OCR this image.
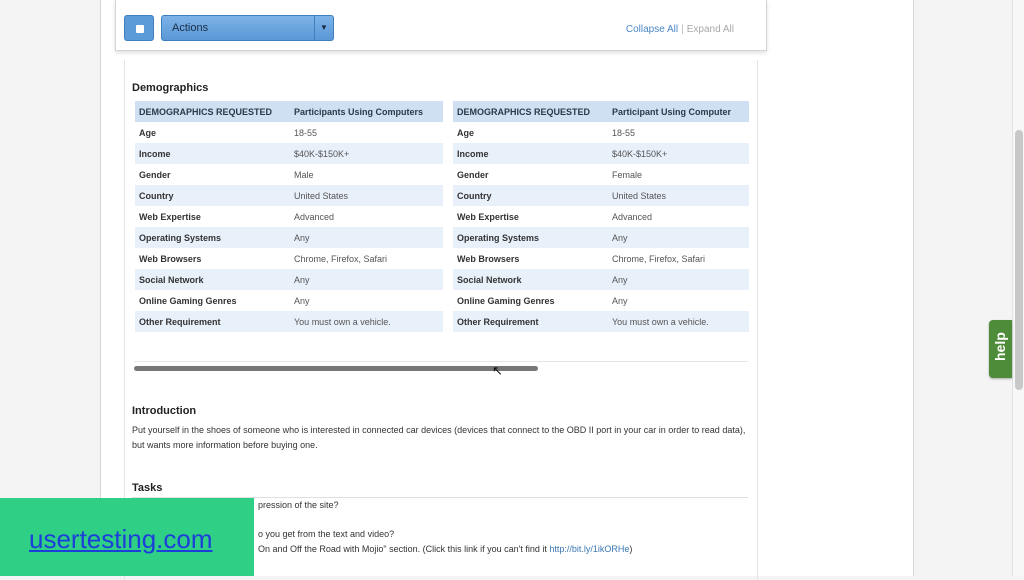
Actions	▼	Collapse All | Expand All
Demographics
DEMOGRAPHICS REQUESTED	Participants Using Computers
Age	18-55
Income	$40K-$150K+
Gender	Male
Country	United States
Web Expertise	Advanced
Operating Systems	Any
Web Browsers	Chrome, Firefox, Safari
Social Network	Any
Online Gaming Genres	Any
Other Requirement	You must own a vehicle.
DEMOGRAPHICS REQUESTED	Participant Using Computer
Age	18-55
Income	$40K-$150K+
Gender	Female
Country	United States
Web Expertise	Advanced
Operating Systems	Any
Web Browsers	Chrome, Firefox, Safari
Social Network	Any
Online Gaming Genres	Any
Other Requirement	You must own a vehicle.
↖
Introduction
Put yourself in the shoes of someone who is interested in connected car devices (devices that connect to the OBD II port in your car in order to read data), but wants more information before buying one.
Tasks
pression of the site?
o you get from the text and video?
On and Off the Road with Mojio" section. (Click this link if you can't find it http://bit.ly/1ikORHe)
help
usertesting.com
